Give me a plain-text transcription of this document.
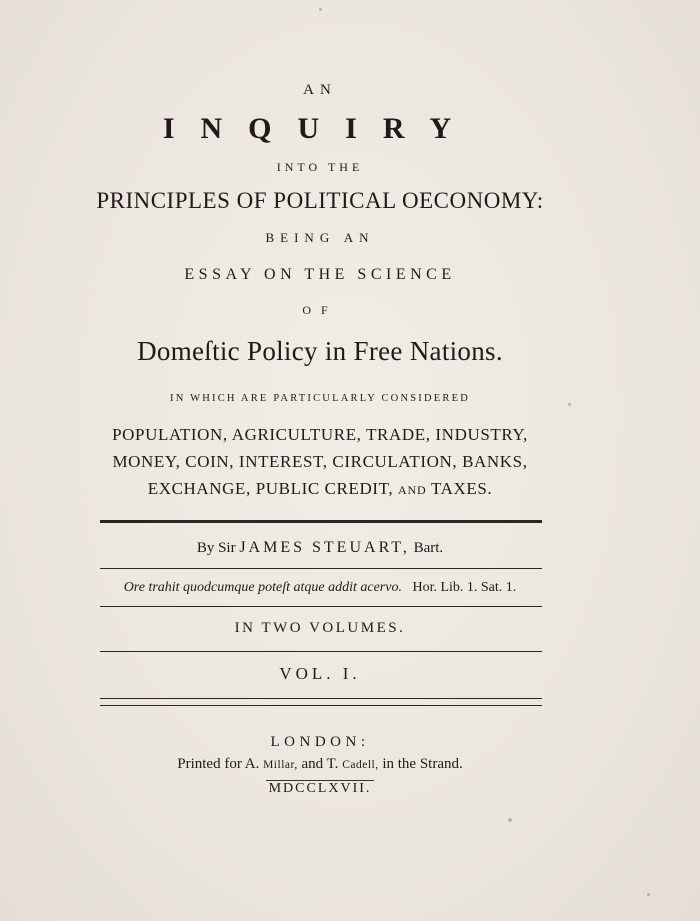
AN
INQUIRY
INTO THE
PRINCIPLES OF POLITICAL OECONOMY:
BEING AN
ESSAY ON THE SCIENCE
OF
Domeſtic Policy in Free Nations.
IN WHICH ARE PARTICULARLY CONSIDERED
POPULATION, AGRICULTURE, TRADE, INDUSTRY,
MONEY, COIN, INTEREST, CIRCULATION, BANKS,
EXCHANGE, PUBLIC CREDIT, AND TAXES.
By Sir JAMES STEUART, Bart.
Ore trahit quodcumque poteſt atque addit acervo. Hor. Lib. 1. Sat. 1.
IN TWO VOLUMES.
VOL. I.
LONDON:
Printed for A. Millar, and T. Cadell, in the Strand.
MDCCLXVII.
